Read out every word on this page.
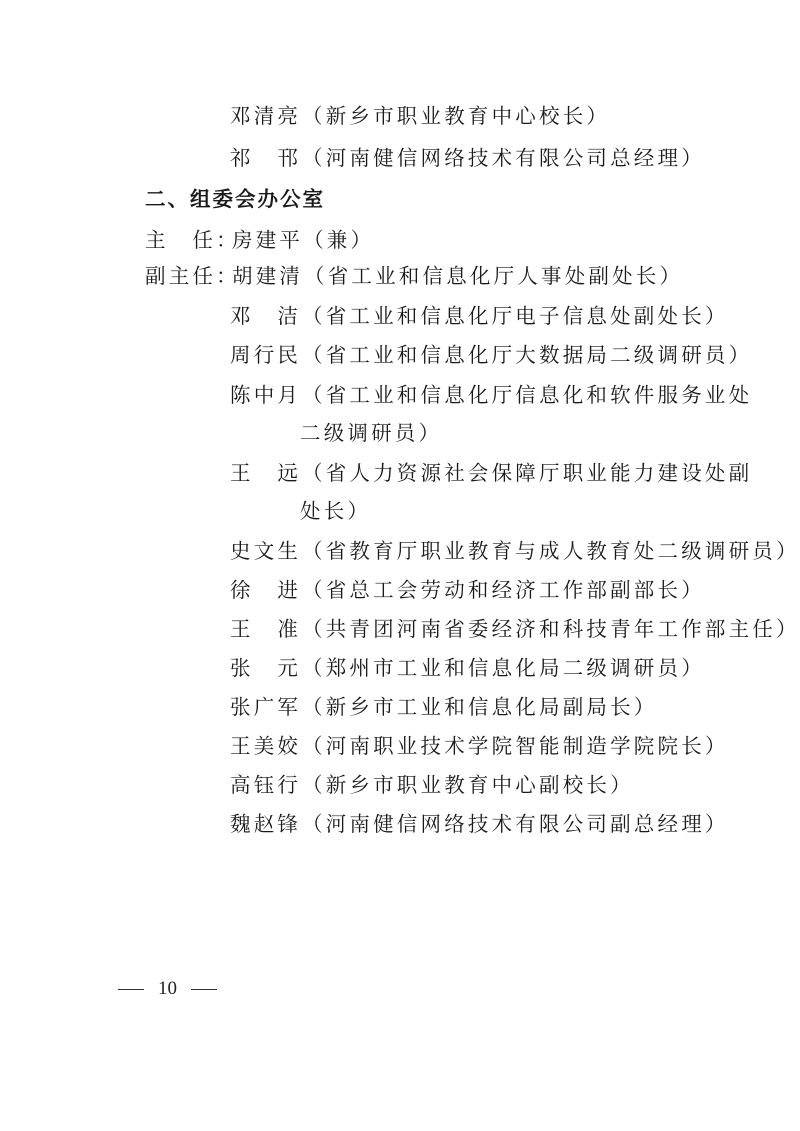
邓清亮（新乡市职业教育中心校长）
祁　邗（河南健信网络技术有限公司总经理）
二、组委会办公室
主　任：房建平（兼）
副主任：胡建清（省工业和信息化厅人事处副处长）
邓　洁（省工业和信息化厅电子信息处副处长）
周行民（省工业和信息化厅大数据局二级调研员）
陈中月（省工业和信息化厅信息化和软件服务业处
二级调研员）
王　远（省人力资源社会保障厅职业能力建设处副
处长）
史文生（省教育厅职业教育与成人教育处二级调研员）
徐　进（省总工会劳动和经济工作部副部长）
王　准（共青团河南省委经济和科技青年工作部主任）
张　元（郑州市工业和信息化局二级调研员）
张广军（新乡市工业和信息化局副局长）
王美姣（河南职业技术学院智能制造学院院长）
高钰行（新乡市职业教育中心副校长）
魏赵锋（河南健信网络技术有限公司副总经理）
10
